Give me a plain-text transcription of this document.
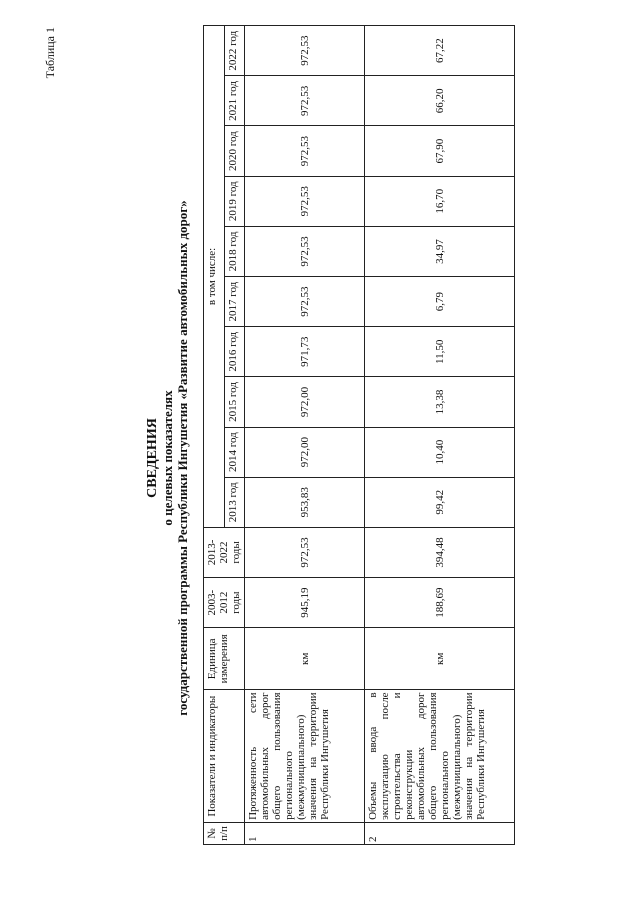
Таблица 1
СВЕДЕНИЯ о целевых показателях государственной программы Республики Ингушетия «Развитие автомобильных дорог»
№ п/п	Показатели и индикаторы	Единица измерения	2003-2012 годы	2013-2022 годы	в том числе:									
					2013 год	2014 год	2015 год	2016 год	2017 год	2018 год	2019 год	2020 год	2021 год	2022 год
1	Протяженность сети автомобильных дорог общего пользования регионального (межмуниципального) значения на территории Республики Ингушетия	км	945,19	972,53	953,83	972,00	972,00	971,73	972,53	972,53	972,53	972,53	972,53	972,53
2	Объемы ввода в эксплуатацию после строительства и реконструкции автомобильных дорог общего пользования регионального (межмуниципального) значения на территории Республики Ингушетия	км	188,69	394,48	99,42	10,40	13,38	11,50	6,79	34,97	16,70	67,90	66,20	67,22
